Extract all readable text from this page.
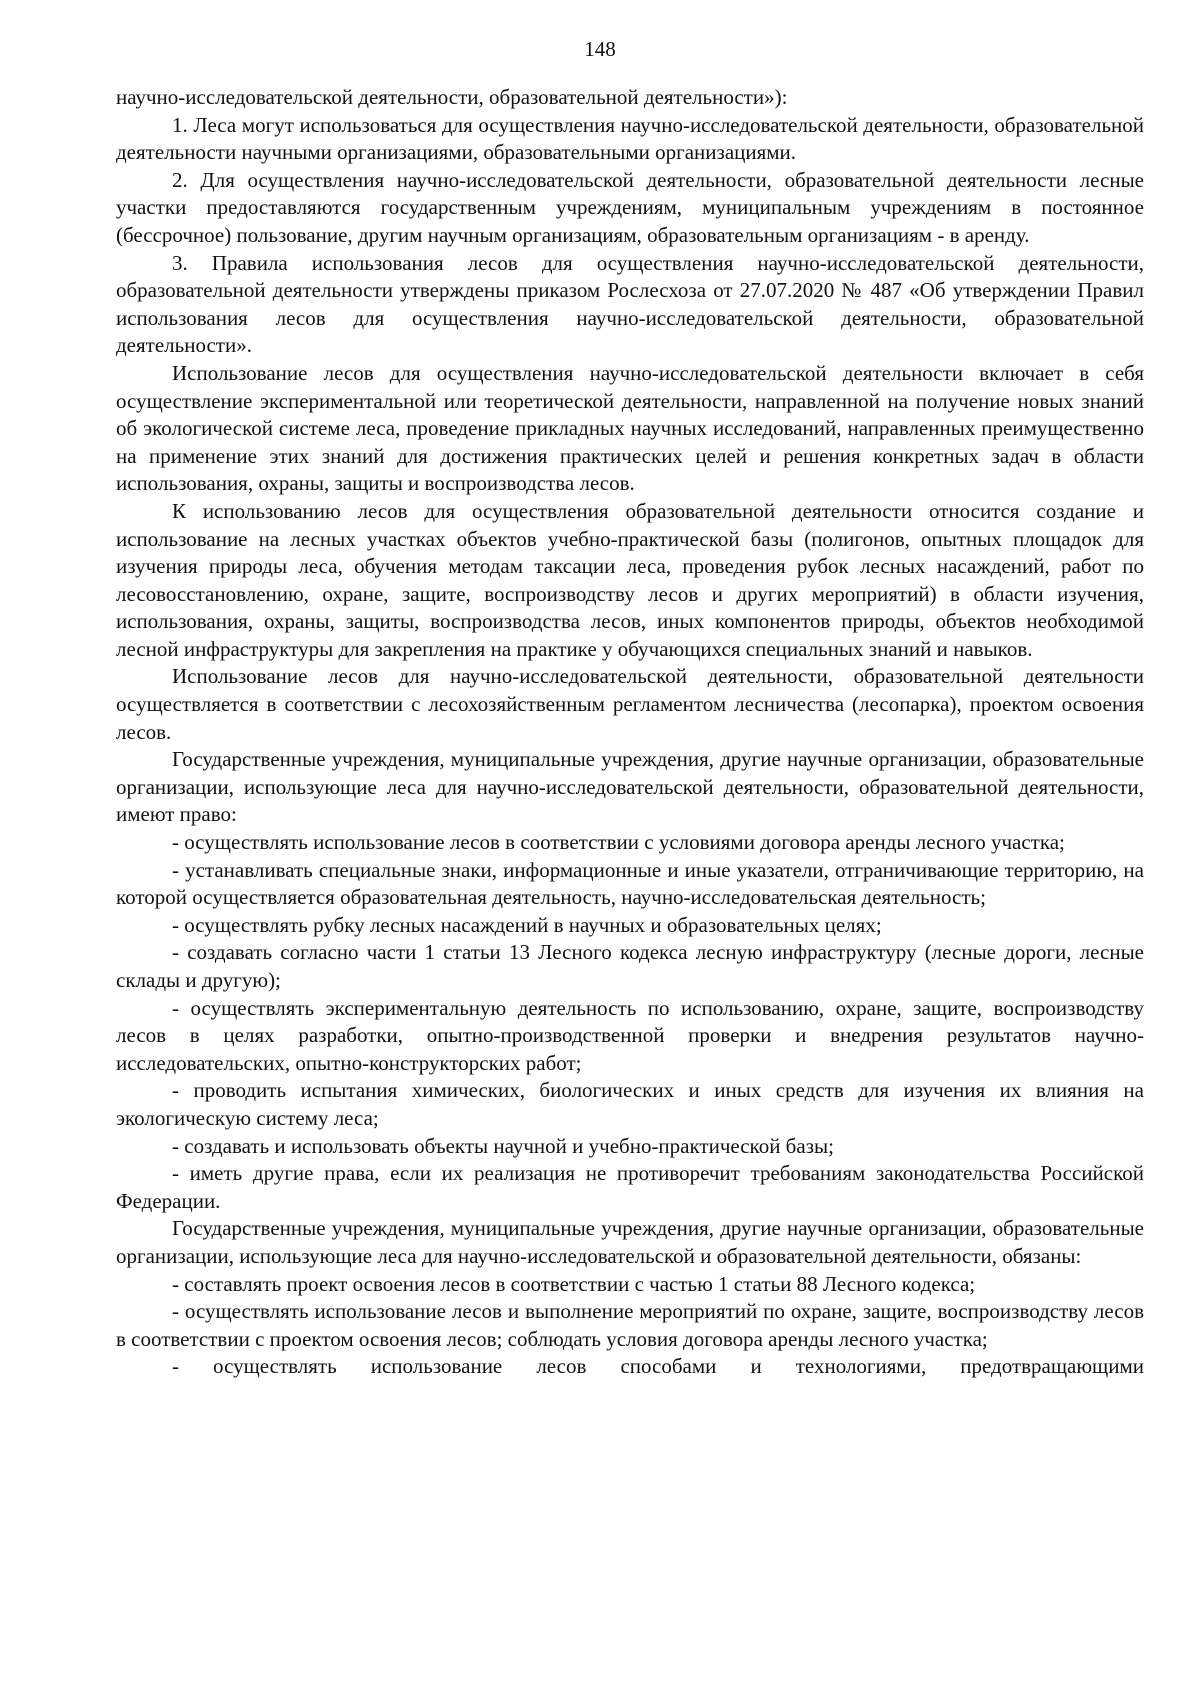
148

научно-исследовательской деятельности, образовательной деятельности»):

1. Леса могут использоваться для осуществления научно-исследовательской деятельности, образовательной деятельности научными организациями, образовательными организациями.

2. Для осуществления научно-исследовательской деятельности, образовательной деятельности лесные участки предоставляются государственным учреждениям, муниципальным учреждениям в постоянное (бессрочное) пользование, другим научным организациям, образовательным организациям - в аренду.

3. Правила использования лесов для осуществления научно-исследовательской деятельности, образовательной деятельности утверждены приказом Рослесхоза от 27.07.2020 № 487 «Об утверждении Правил использования лесов для осуществления научно-исследовательской деятельности, образовательной деятельности».

Использование лесов для осуществления научно-исследовательской деятельности включает в себя осуществление экспериментальной или теоретической деятельности, направленной на получение новых знаний об экологической системе леса, проведение прикладных научных исследований, направленных преимущественно на применение этих знаний для достижения практических целей и решения конкретных задач в области использования, охраны, защиты и воспроизводства лесов.

К использованию лесов для осуществления образовательной деятельности относится создание и использование на лесных участках объектов учебно-практической базы (полигонов, опытных площадок для изучения природы леса, обучения методам таксации леса, проведения рубок лесных насаждений, работ по лесовосстановлению, охране, защите, воспроизводству лесов и других мероприятий) в области изучения, использования, охраны, защиты, воспроизводства лесов, иных компонентов природы, объектов необходимой лесной инфраструктуры для закрепления на практике у обучающихся специальных знаний и навыков.

Использование лесов для научно-исследовательской деятельности, образовательной деятельности осуществляется в соответствии с лесохозяйственным регламентом лесничества (лесопарка), проектом освоения лесов.

Государственные учреждения, муниципальные учреждения, другие научные организации, образовательные организации, использующие леса для научно-исследовательской деятельности, образовательной деятельности, имеют право:

- осуществлять использование лесов в соответствии с условиями договора аренды лесного участка;

- устанавливать специальные знаки, информационные и иные указатели, отграничивающие территорию, на которой осуществляется образовательная деятельность, научно-исследовательская деятельность;

- осуществлять рубку лесных насаждений в научных и образовательных целях;

- создавать согласно части 1 статьи 13 Лесного кодекса лесную инфраструктуру (лесные дороги, лесные склады и другую);

- осуществлять экспериментальную деятельность по использованию, охране, защите, воспроизводству лесов в целях разработки, опытно-производственной проверки и внедрения результатов научно-исследовательских, опытно-конструкторских работ;

- проводить испытания химических, биологических и иных средств для изучения их влияния на экологическую систему леса;

- создавать и использовать объекты научной и учебно-практической базы;

- иметь другие права, если их реализация не противоречит требованиям законодательства Российской Федерации.

Государственные учреждения, муниципальные учреждения, другие научные организации, образовательные организации, использующие леса для научно-исследовательской и образовательной деятельности, обязаны:

- составлять проект освоения лесов в соответствии с частью 1 статьи 88 Лесного кодекса;

- осуществлять использование лесов и выполнение мероприятий по охране, защите, воспроизводству лесов в соответствии с проектом освоения лесов; соблюдать условия договора аренды лесного участка;

- осуществлять использование лесов способами и технологиями, предотвращающими
